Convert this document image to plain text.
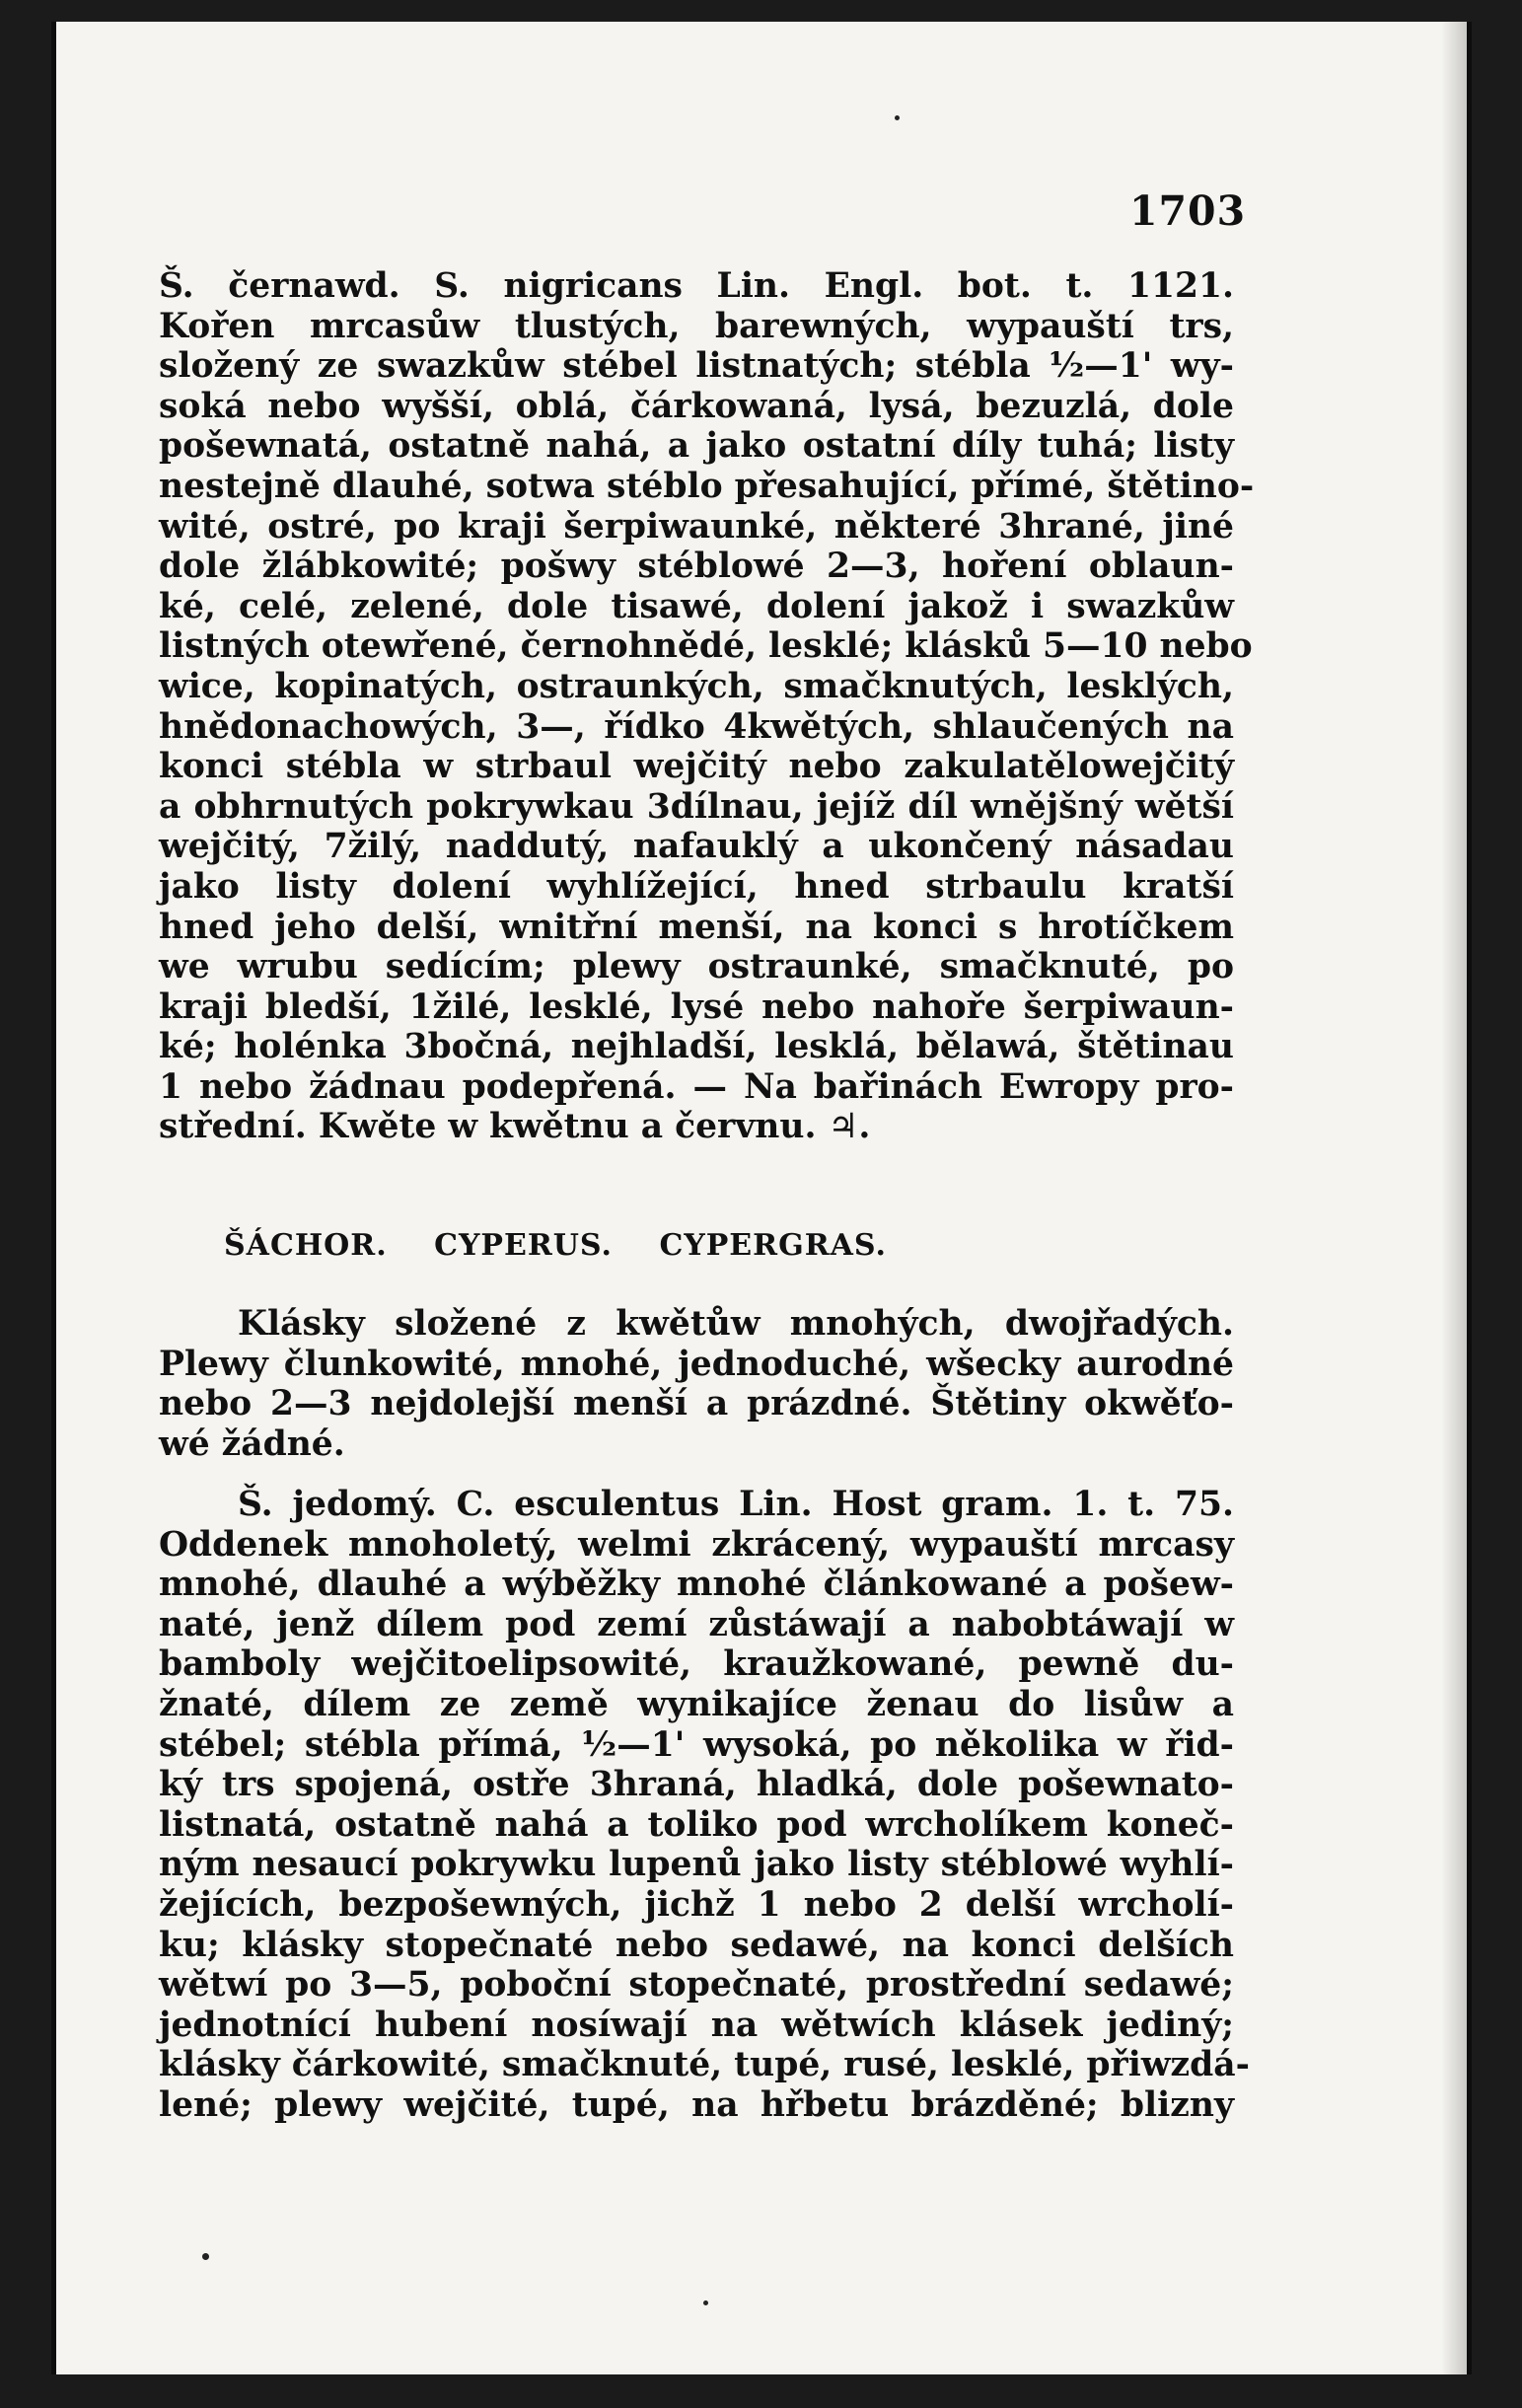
1703
Š. černawd. S. nigricans Lin. Engl. bot. t. 1121.
Kořen mrcasůw tlustých, barewných, wypauští trs,
složený ze swazkůw stébel listnatých; stébla ½—1' wy-
soká nebo wyšší, oblá, čárkowaná, lysá, bezuzlá, dole
pošewnatá, ostatně nahá, a jako ostatní díly tuhá; listy
nestejně dlauhé, sotwa stéblo přesahující, přímé, štětino-
wité, ostré, po kraji šerpiwaunké, některé 3hrané, jiné
dole žlábkowité; pošwy stéblowé 2—3, hoření oblaun-
ké, celé, zelené, dole tisawé, dolení jakož i swazkůw
listných otewřené, černohnědé, lesklé; klásků 5—10 nebo
wice, kopinatých, ostraunkých, smačknutých, lesklých,
hnědonachowých, 3—, řídko 4kwětých, shlaučených na
konci stébla w strbaul wejčitý nebo zakulatělowejčitý
a obhrnutých pokrywkau 3dílnau, jejíž díl wnějšný wětší
wejčitý, 7žilý, naddutý, nafauklý a ukončený násadau
jako listy dolení wyhlížející, hned strbaulu kratší
hned jeho delší, wnitřní menší, na konci s hrotíčkem
we wrubu sedícím; plewy ostraunké, smačknuté, po
kraji bledší, 1žilé, lesklé, lysé nebo nahoře šerpiwaun-
ké; holénka 3bočná, nejhladší, lesklá, bělawá, štětinau
1 nebo žádnau podepřená. — Na bařinách Ewropy pro-
střední. Kwěte w kwětnu a červnu. ♃.
ŠÁCHOR. CYPERUS. CYPERGRAS.
Klásky složené z kwětůw mnohých, dwojřadých.
Plewy člunkowité, mnohé, jednoduché, wšecky aurodné
nebo 2—3 nejdolejší menší a prázdné. Štětiny okwěťo-
wé žádné.
Š. jedomý. C. esculentus Lin. Host gram. 1. t. 75.
Oddenek mnoholetý, welmi zkrácený, wypauští mrcasy
mnohé, dlauhé a wýběžky mnohé článkowané a pošew-
naté, jenž dílem pod zemí zůstáwají a nabobtáwají w
bamboly wejčitoelipsowité, kraužkowané, pewně du-
žnaté, dílem ze země wynikajíce ženau do lisůw a
stébel; stébla přímá, ½—1' wysoká, po několika w řid-
ký trs spojená, ostře 3hraná, hladká, dole pošewnato-
listnatá, ostatně nahá a toliko pod wrcholíkem koneč-
ným nesaucí pokrywku lupenů jako listy stéblowé wyhlí-
žejících, bezpošewných, jichž 1 nebo 2 delší wrcholí-
ku; klásky stopečnaté nebo sedawé, na konci delších
wětwí po 3—5, poboční stopečnaté, prostřední sedawé;
jednotnící hubení nosíwají na wětwích klásek jediný;
klásky čárkowité, smačknuté, tupé, rusé, lesklé, přiwzdá-
lené; plewy wejčité, tupé, na hřbetu brázděné; blizny
